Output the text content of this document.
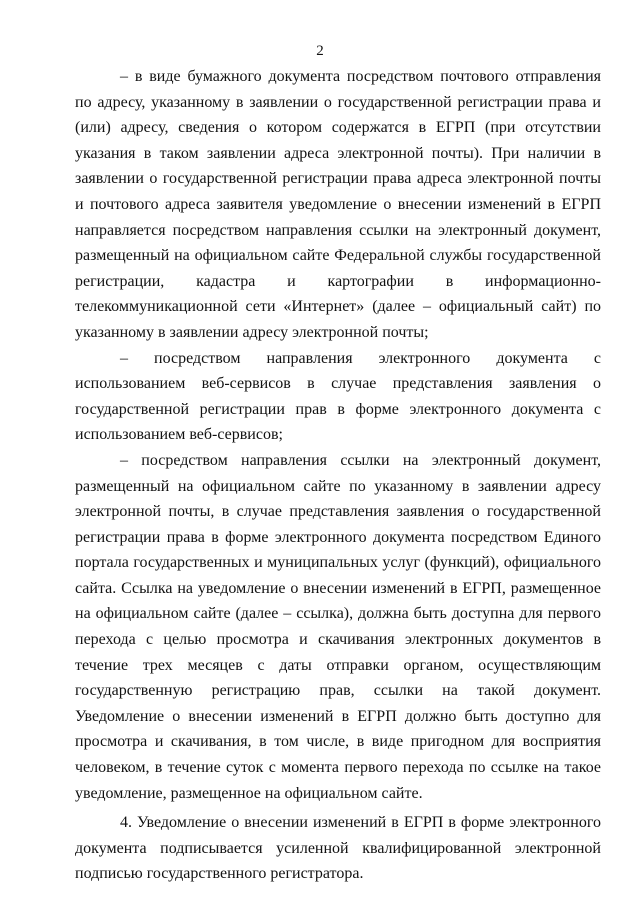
2

– в виде бумажного документа посредством почтового отправления по адресу, указанному в заявлении о государственной регистрации права и (или) адресу, сведения о котором содержатся в ЕГРП (при отсутствии указания в таком заявлении адреса электронной почты). При наличии в заявлении о государственной регистрации права адреса электронной почты и почтового адреса заявителя уведомление о внесении изменений в ЕГРП направляется посредством направления ссылки на электронный документ, размещенный на официальном сайте Федеральной службы государственной регистрации, кадастра и картографии в информационно-телекоммуникационной сети «Интернет» (далее – официальный сайт) по указанному в заявлении адресу электронной почты;

– посредством направления электронного документа с использованием веб-сервисов в случае представления заявления о государственной регистрации прав в форме электронного документа с использованием веб-сервисов;

– посредством направления ссылки на электронный документ, размещенный на официальном сайте по указанному в заявлении адресу электронной почты, в случае представления заявления о государственной регистрации права в форме электронного документа посредством Единого портала государственных и муниципальных услуг (функций), официального сайта. Ссылка на уведомление о внесении изменений в ЕГРП, размещенное на официальном сайте (далее – ссылка), должна быть доступна для первого перехода с целью просмотра и скачивания электронных документов в течение трех месяцев с даты отправки органом, осуществляющим государственную регистрацию прав, ссылки на такой документ. Уведомление о внесении изменений в ЕГРП должно быть доступно для просмотра и скачивания, в том числе, в виде пригодном для восприятия человеком, в течение суток с момента первого перехода по ссылке на такое уведомление, размещенное на официальном сайте.

4. Уведомление о внесении изменений в ЕГРП в форме электронного документа подписывается усиленной квалифицированной электронной подписью государственного регистратора.
